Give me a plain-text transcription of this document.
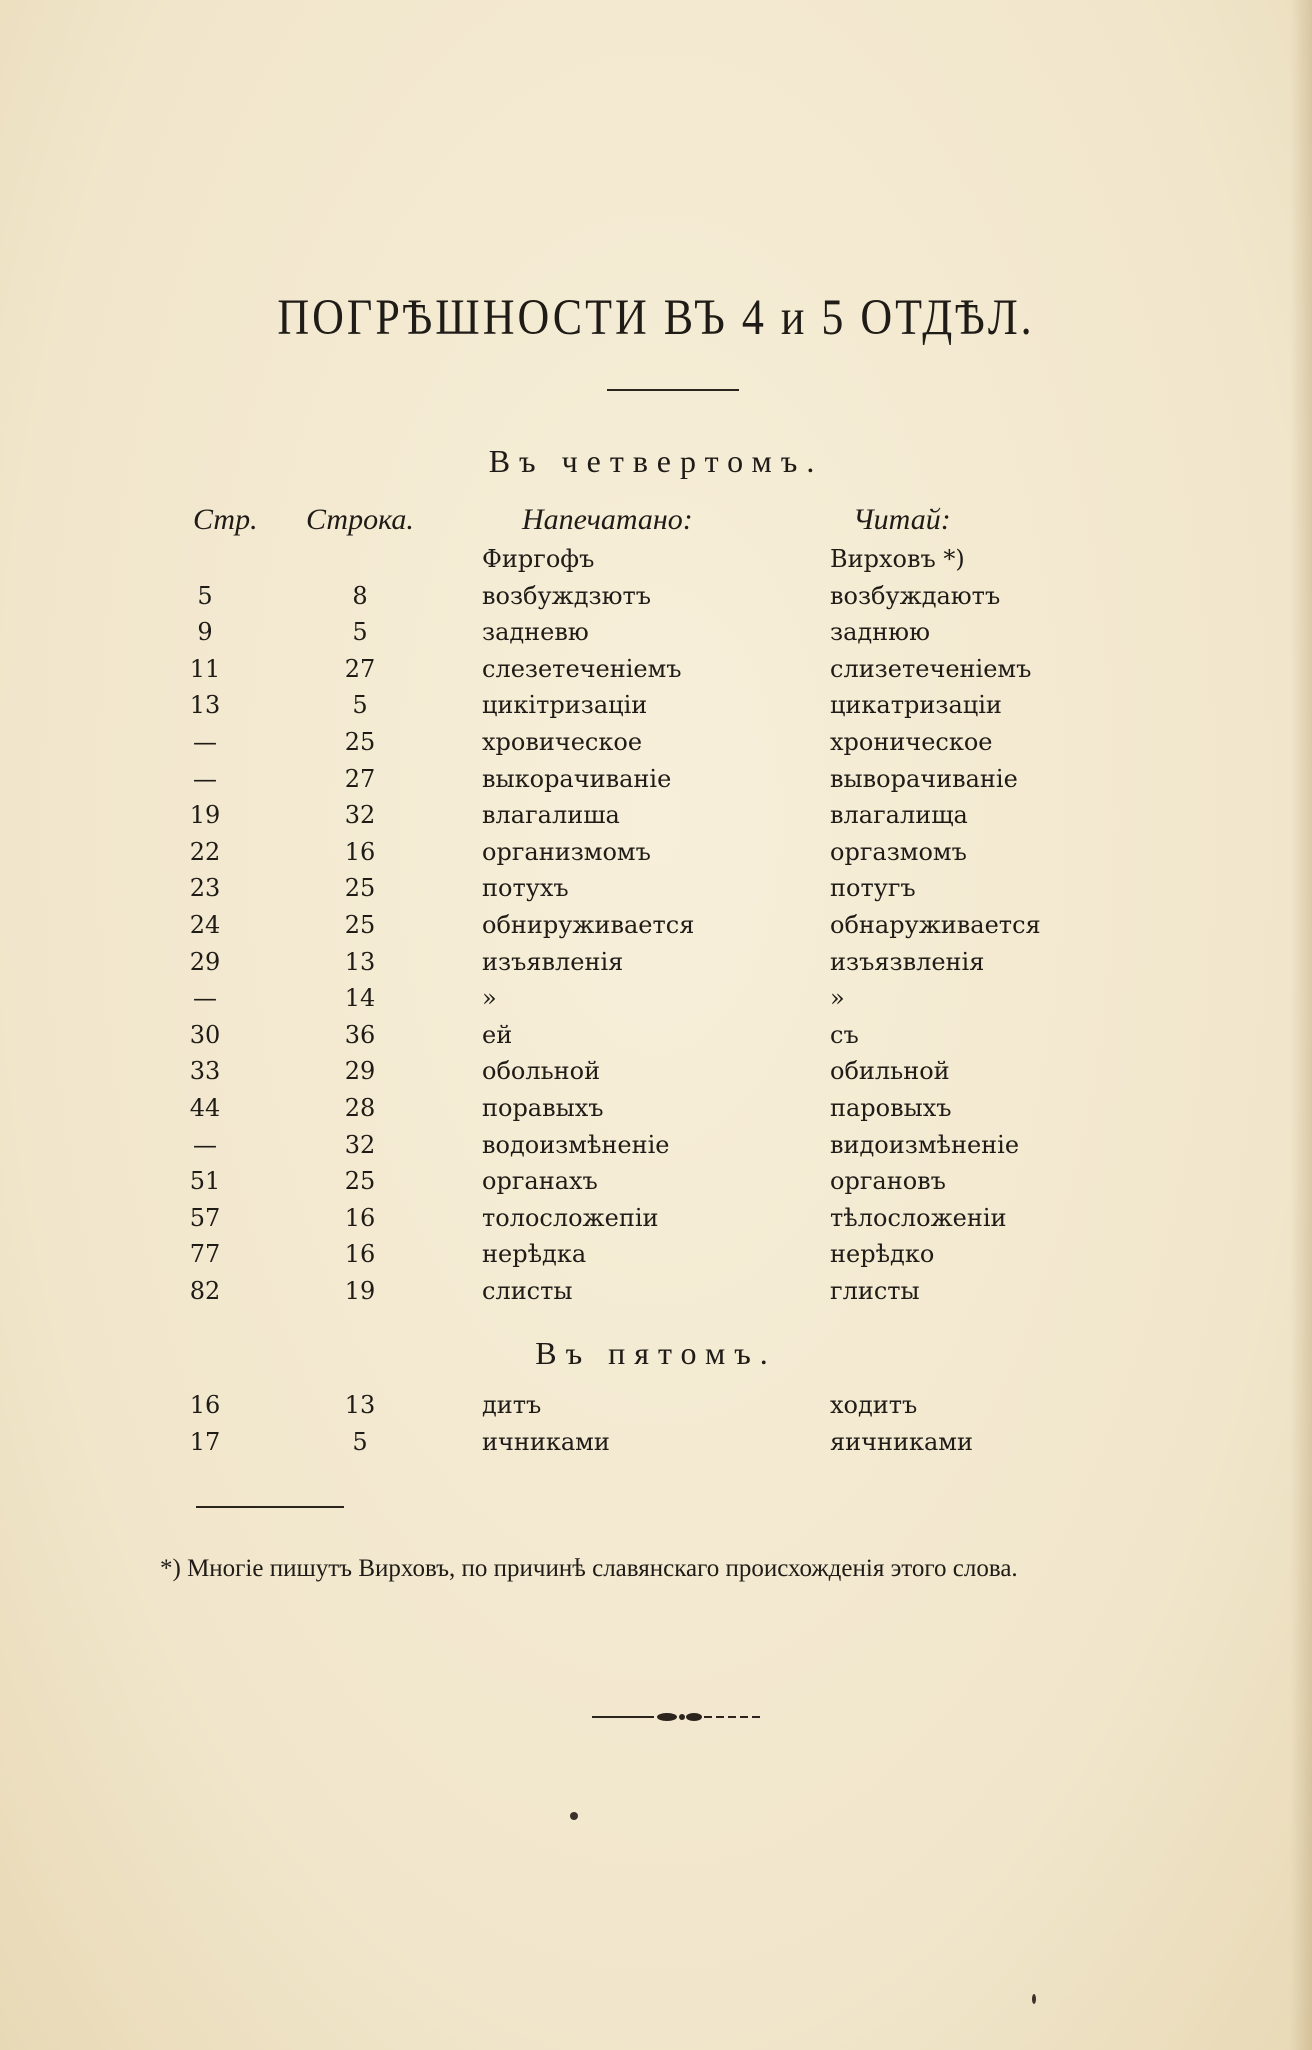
ПОГРѢШНОСТИ ВЪ 4 и 5 ОТДѢЛ.
Въ четвертомъ.
Стр. Строка.	Напечатано:	Читай:
Фиргофъ	Вирховъ *)
5	8	возбуждзютъ	возбуждаютъ
9	5	задневю	заднюю
11	27	слезетеченіемъ	слизетеченіемъ
13	5	цикітризаціи	цикатризаціи
—	25	хровическое	хроническое
—	27	выкорачиваніе	выворачиваніе
19	32	влагалиша	влагалища
22	16	организмомъ	оргазмомъ
23	25	потухъ	потугъ
24	25	обнируживается	обнаруживается
29	13	изъявленія	изъязвленія
—	14	»	»
30	36	ей	съ
33	29	обольной	обильной
44	28	поравыхъ	паровыхъ
—	32	водоизмѣненіе	видоизмѣненіе
51	25	органахъ	органовъ
57	16	толосложепіи	тѣлосложеніи
77	16	нерѣдка	нерѣдко
82	19	слисты	глисты
Въ пятомъ.
16	13	дитъ	ходитъ
17	5	ичниками	яичниками
*) Многіе пишутъ Вирховъ, по причинѣ славянскаго происхожденія этого слова.
